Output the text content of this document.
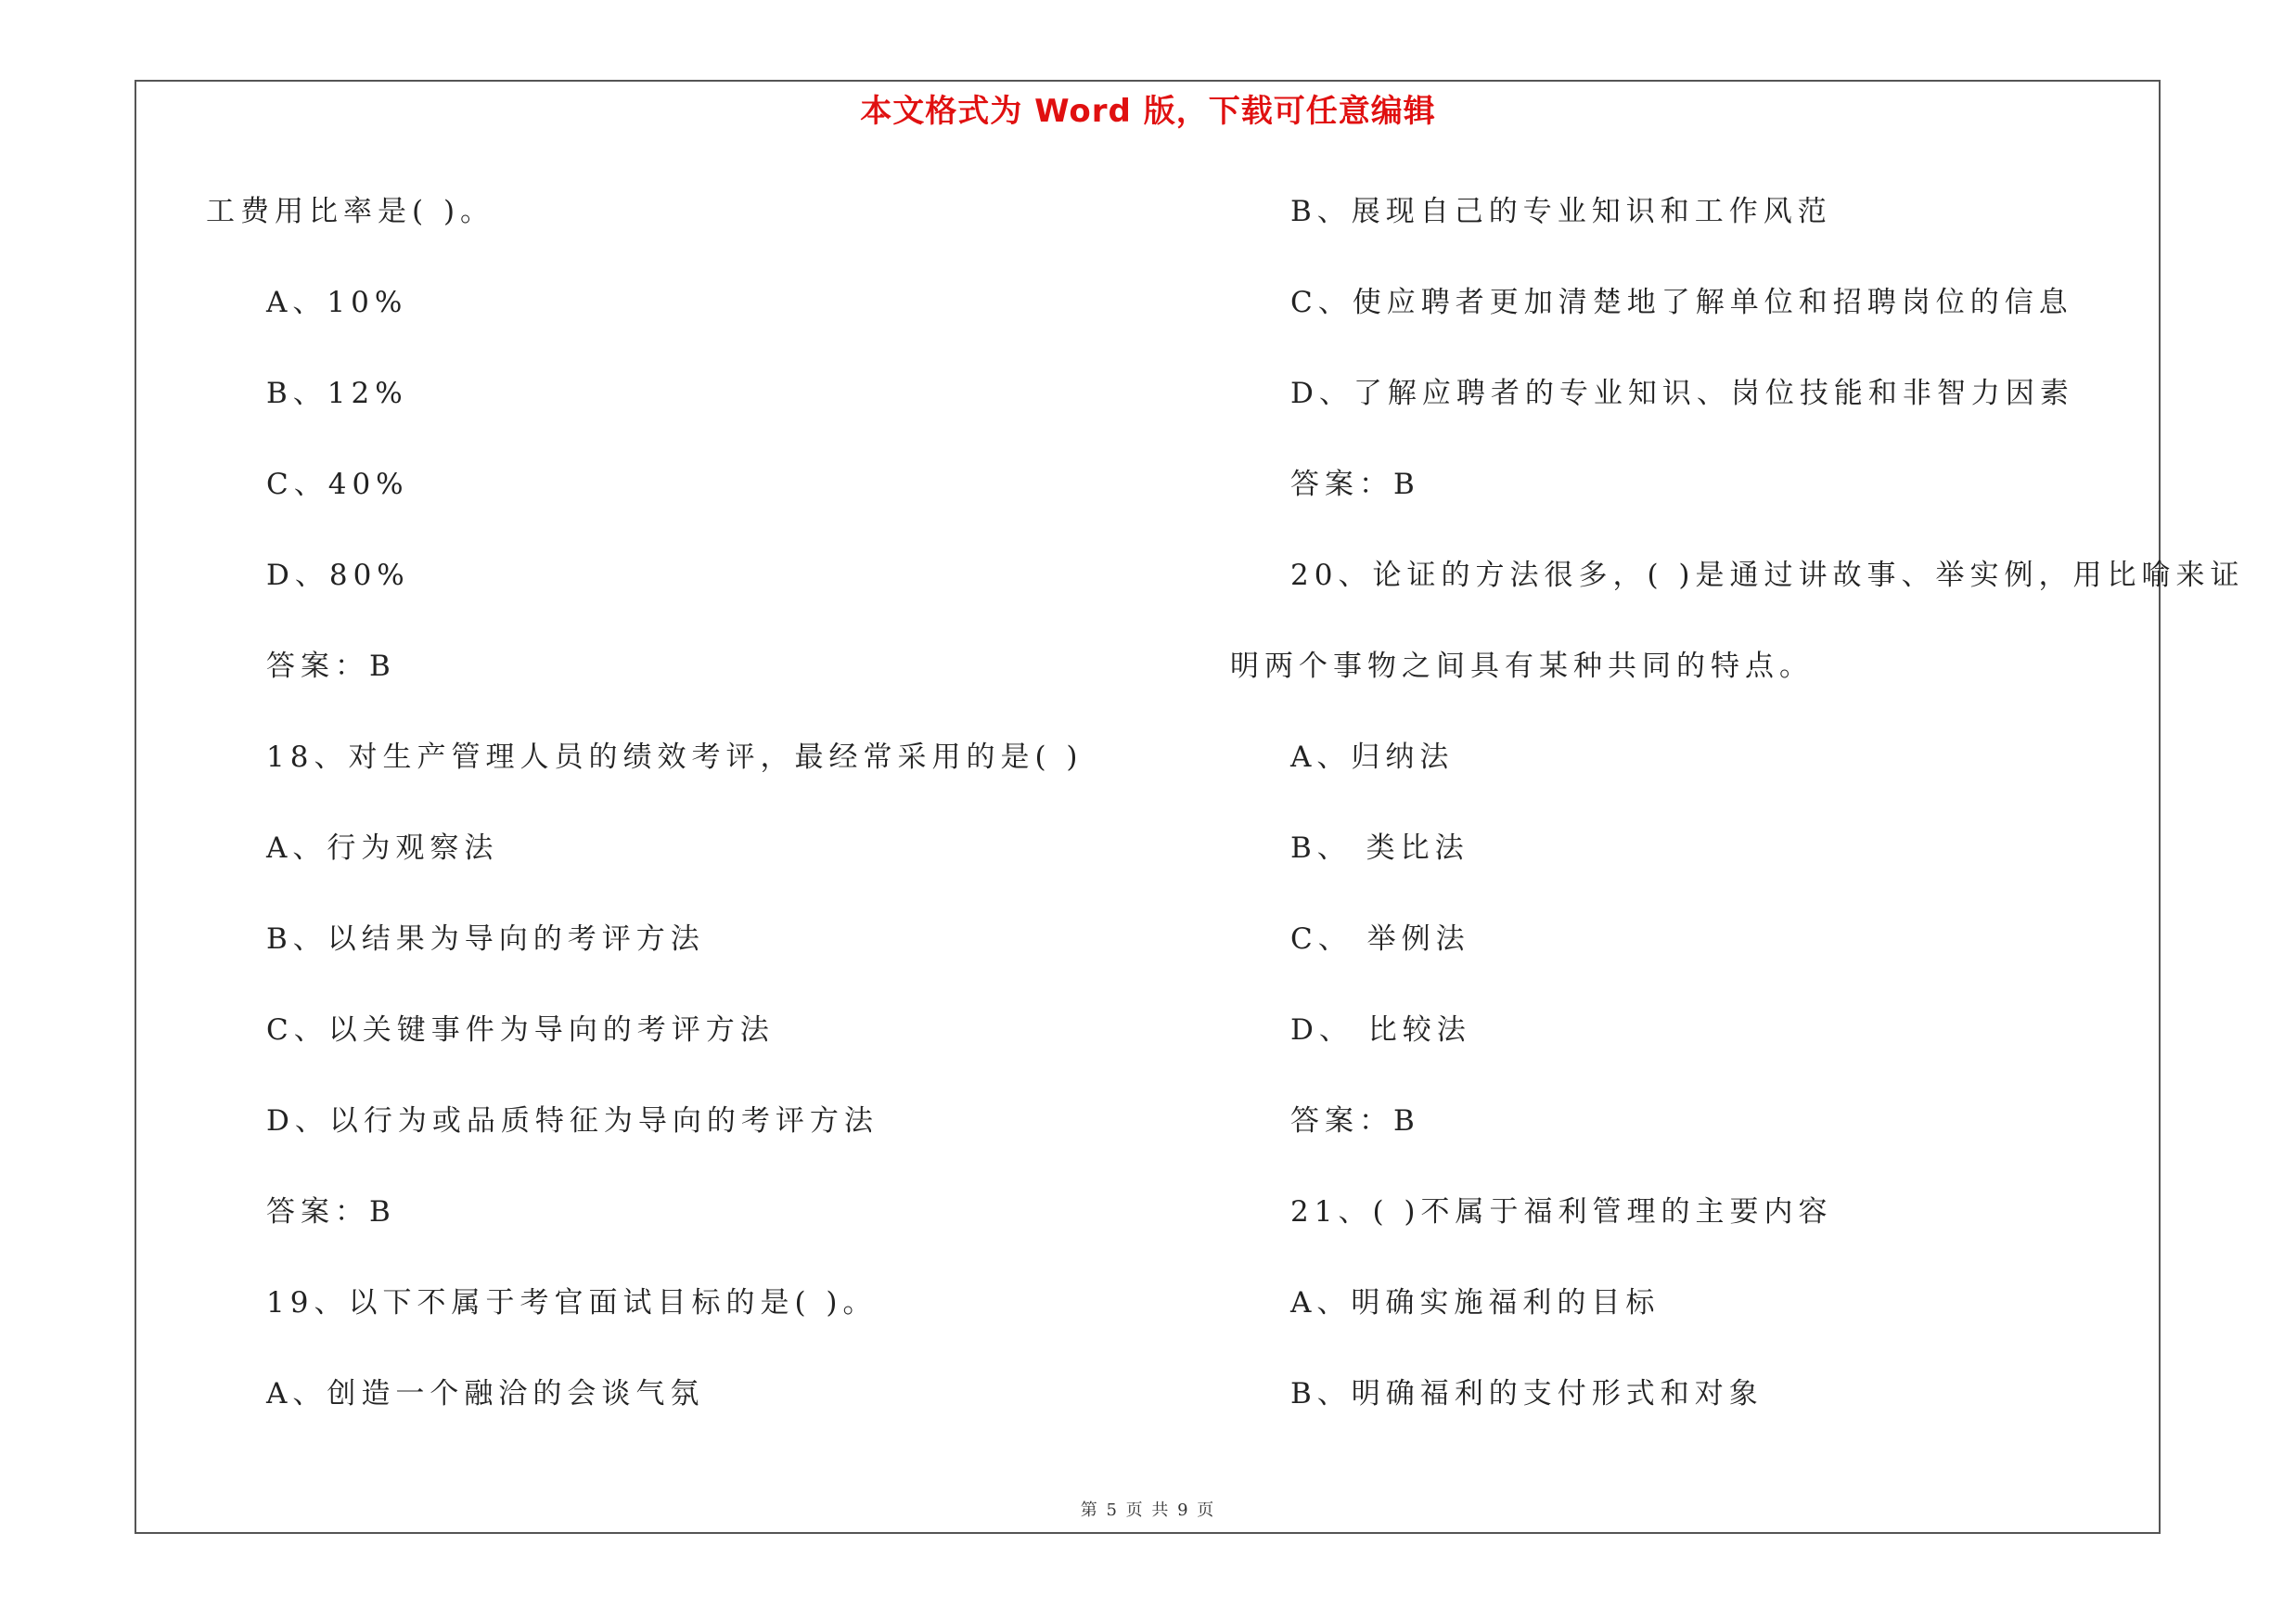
本文格式为 Word 版，下载可任意编辑
工费用比率是( )。
A、10%
B、12%
C、40%
D、80%
答案：B
18、对生产管理人员的绩效考评，最经常采用的是( )
A、行为观察法
B、以结果为导向的考评方法
C、以关键事件为导向的考评方法
D、以行为或品质特征为导向的考评方法
答案：B
19、以下不属于考官面试目标的是( )。
A、创造一个融洽的会谈气氛
B、展现自己的专业知识和工作风范
C、使应聘者更加清楚地了解单位和招聘岗位的信息
D、了解应聘者的专业知识、岗位技能和非智力因素
答案：B
20、论证的方法很多，( )是通过讲故事、举实例，用比喻来证
明两个事物之间具有某种共同的特点。
A、归纳法
B、 类比法
C、 举例法
D、 比较法
答案：B
21、( )不属于福利管理的主要内容
A、明确实施福利的目标
B、明确福利的支付形式和对象
第 5 页 共 9 页
